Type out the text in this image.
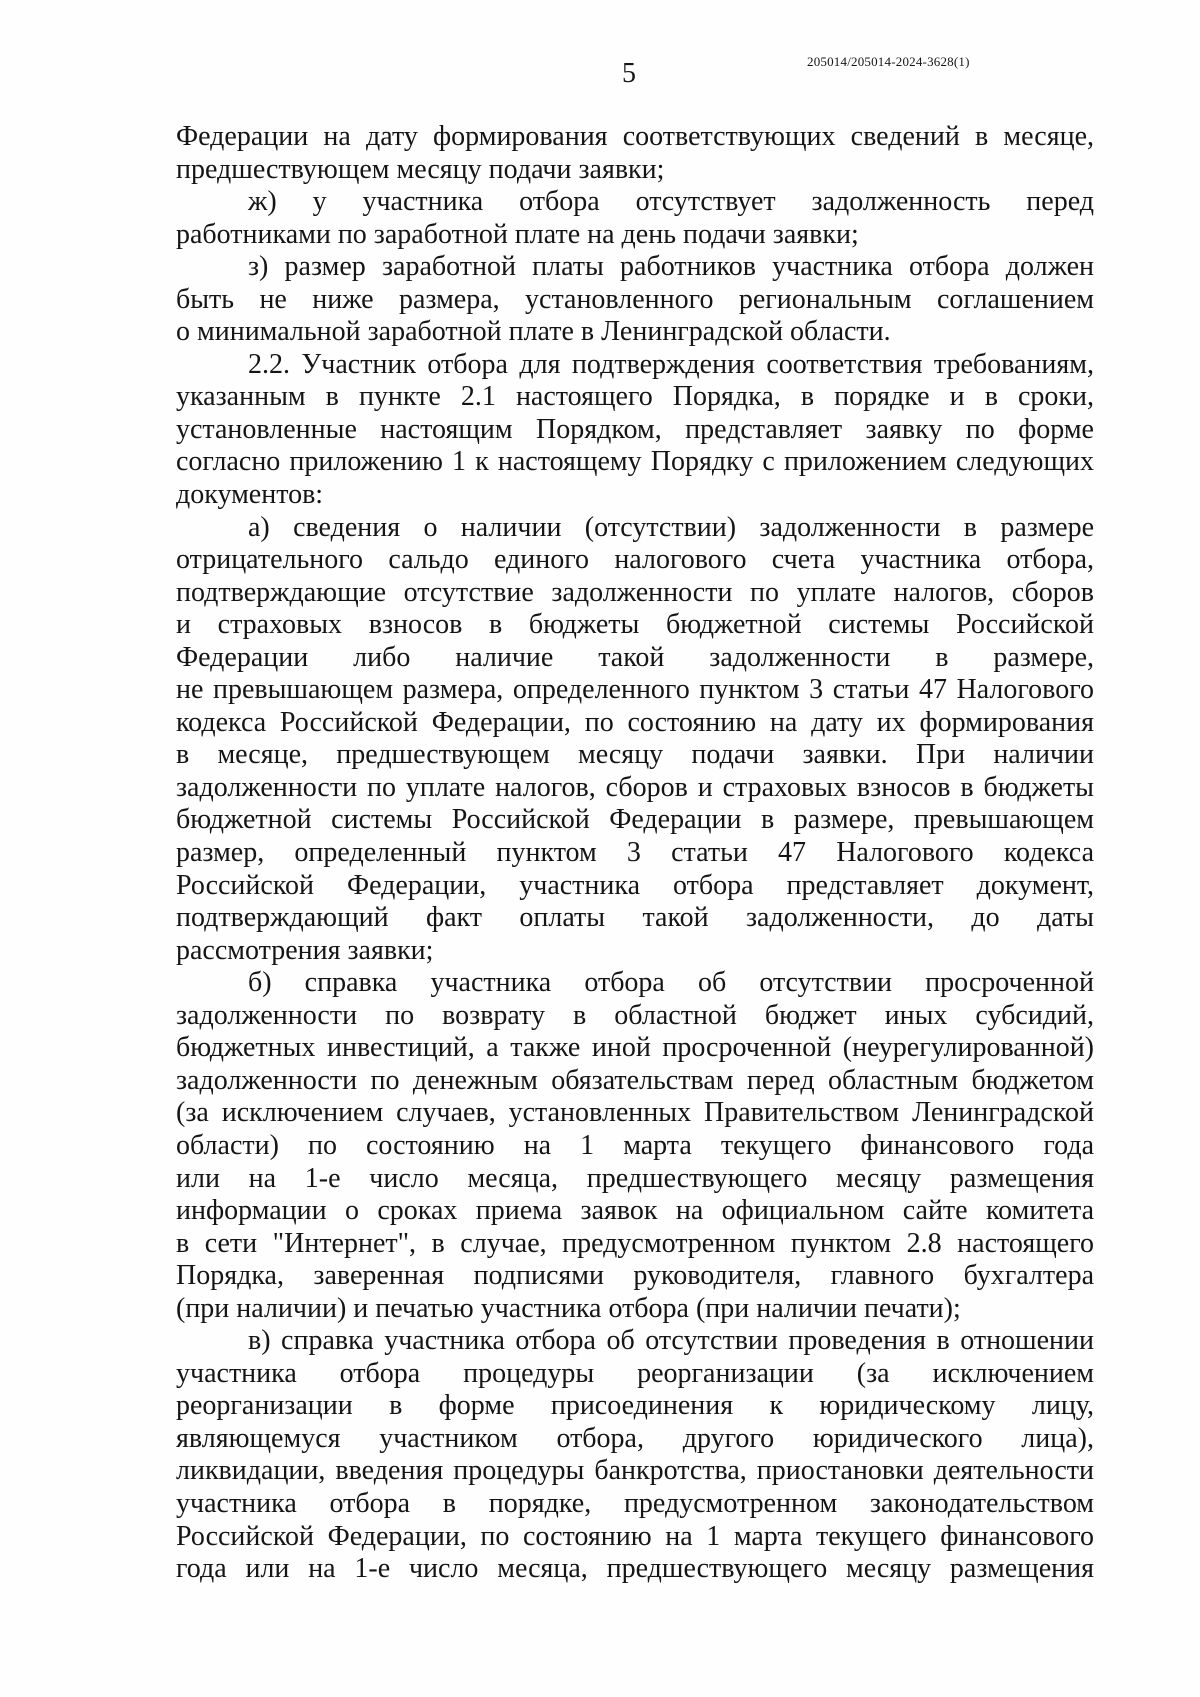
5	205014/205014-2024-3628(1)
Федерации на дату формирования соответствующих сведений в месяце,
предшествующем месяцу подачи заявки;
ж) у участника отбора отсутствует задолженность перед
работниками по заработной плате на день подачи заявки;
з) размер заработной платы работников участника отбора должен
быть не ниже размера, установленного региональным соглашением
о минимальной заработной плате в Ленинградской области.
2.2. Участник отбора для подтверждения соответствия требованиям,
указанным в пункте 2.1 настоящего Порядка, в порядке и в сроки,
установленные настоящим Порядком, представляет заявку по форме
согласно приложению 1 к настоящему Порядку с приложением следующих
документов:
а) сведения о наличии (отсутствии) задолженности в размере
отрицательного сальдо единого налогового счета участника отбора,
подтверждающие отсутствие задолженности по уплате налогов, сборов
и страховых взносов в бюджеты бюджетной системы Российской
Федерации либо наличие такой задолженности в размере,
не превышающем размера, определенного пунктом 3 статьи 47 Налогового
кодекса Российской Федерации, по состоянию на дату их формирования
в месяце, предшествующем месяцу подачи заявки. При наличии
задолженности по уплате налогов, сборов и страховых взносов в бюджеты
бюджетной системы Российской Федерации в размере, превышающем
размер, определенный пунктом 3 статьи 47 Налогового кодекса
Российской Федерации, участника отбора представляет документ,
подтверждающий факт оплаты такой задолженности, до даты
рассмотрения заявки;
б) справка участника отбора об отсутствии просроченной
задолженности по возврату в областной бюджет иных субсидий,
бюджетных инвестиций, а также иной просроченной (неурегулированной)
задолженности по денежным обязательствам перед областным бюджетом
(за исключением случаев, установленных Правительством Ленинградской
области) по состоянию на 1 марта текущего финансового года
или на 1-е число месяца, предшествующего месяцу размещения
информации о сроках приема заявок на официальном сайте комитета
в сети "Интернет", в случае, предусмотренном пунктом 2.8 настоящего
Порядка, заверенная подписями руководителя, главного бухгалтера
(при наличии) и печатью участника отбора (при наличии печати);
в) справка участника отбора об отсутствии проведения в отношении
участника отбора процедуры реорганизации (за исключением
реорганизации в форме присоединения к юридическому лицу,
являющемуся участником отбора, другого юридического лица),
ликвидации, введения процедуры банкротства, приостановки деятельности
участника отбора в порядке, предусмотренном законодательством
Российской Федерации, по состоянию на 1 марта текущего финансового
года или на 1-е число месяца, предшествующего месяцу размещения
